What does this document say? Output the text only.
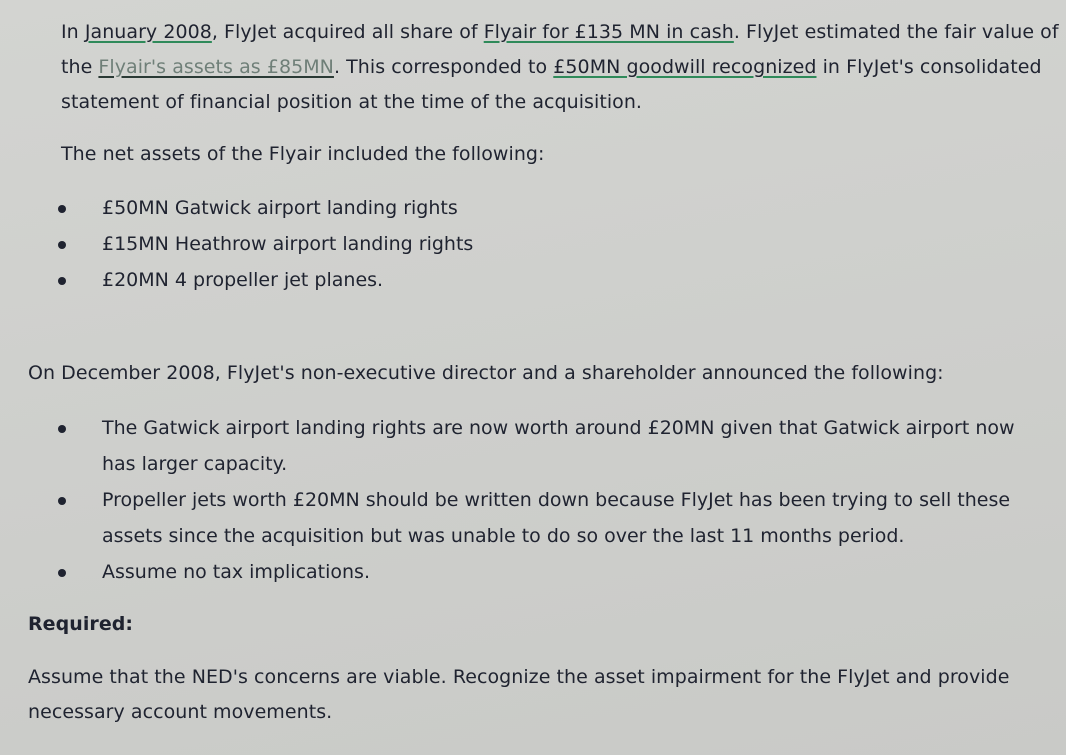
In January 2008, FlyJet acquired all share of Flyair for £135 MN in cash. FlyJet estimated the fair value of the Flyair's assets as £85MN. This corresponded to £50MN goodwill recognized in FlyJet's consolidated statement of financial position at the time of the acquisition.

The net assets of the Flyair included the following:

£50MN Gatwick airport landing rights
£15MN Heathrow airport landing rights
£20MN 4 propeller jet planes.

On December 2008, FlyJet's non-executive director and a shareholder announced the following:

The Gatwick airport landing rights are now worth around £20MN given that Gatwick airport now has larger capacity.
Propeller jets worth £20MN should be written down because FlyJet has been trying to sell these assets since the acquisition but was unable to do so over the last 11 months period.
Assume no tax implications.

Required:

Assume that the NED's concerns are viable. Recognize the asset impairment for the FlyJet and provide necessary account movements.
